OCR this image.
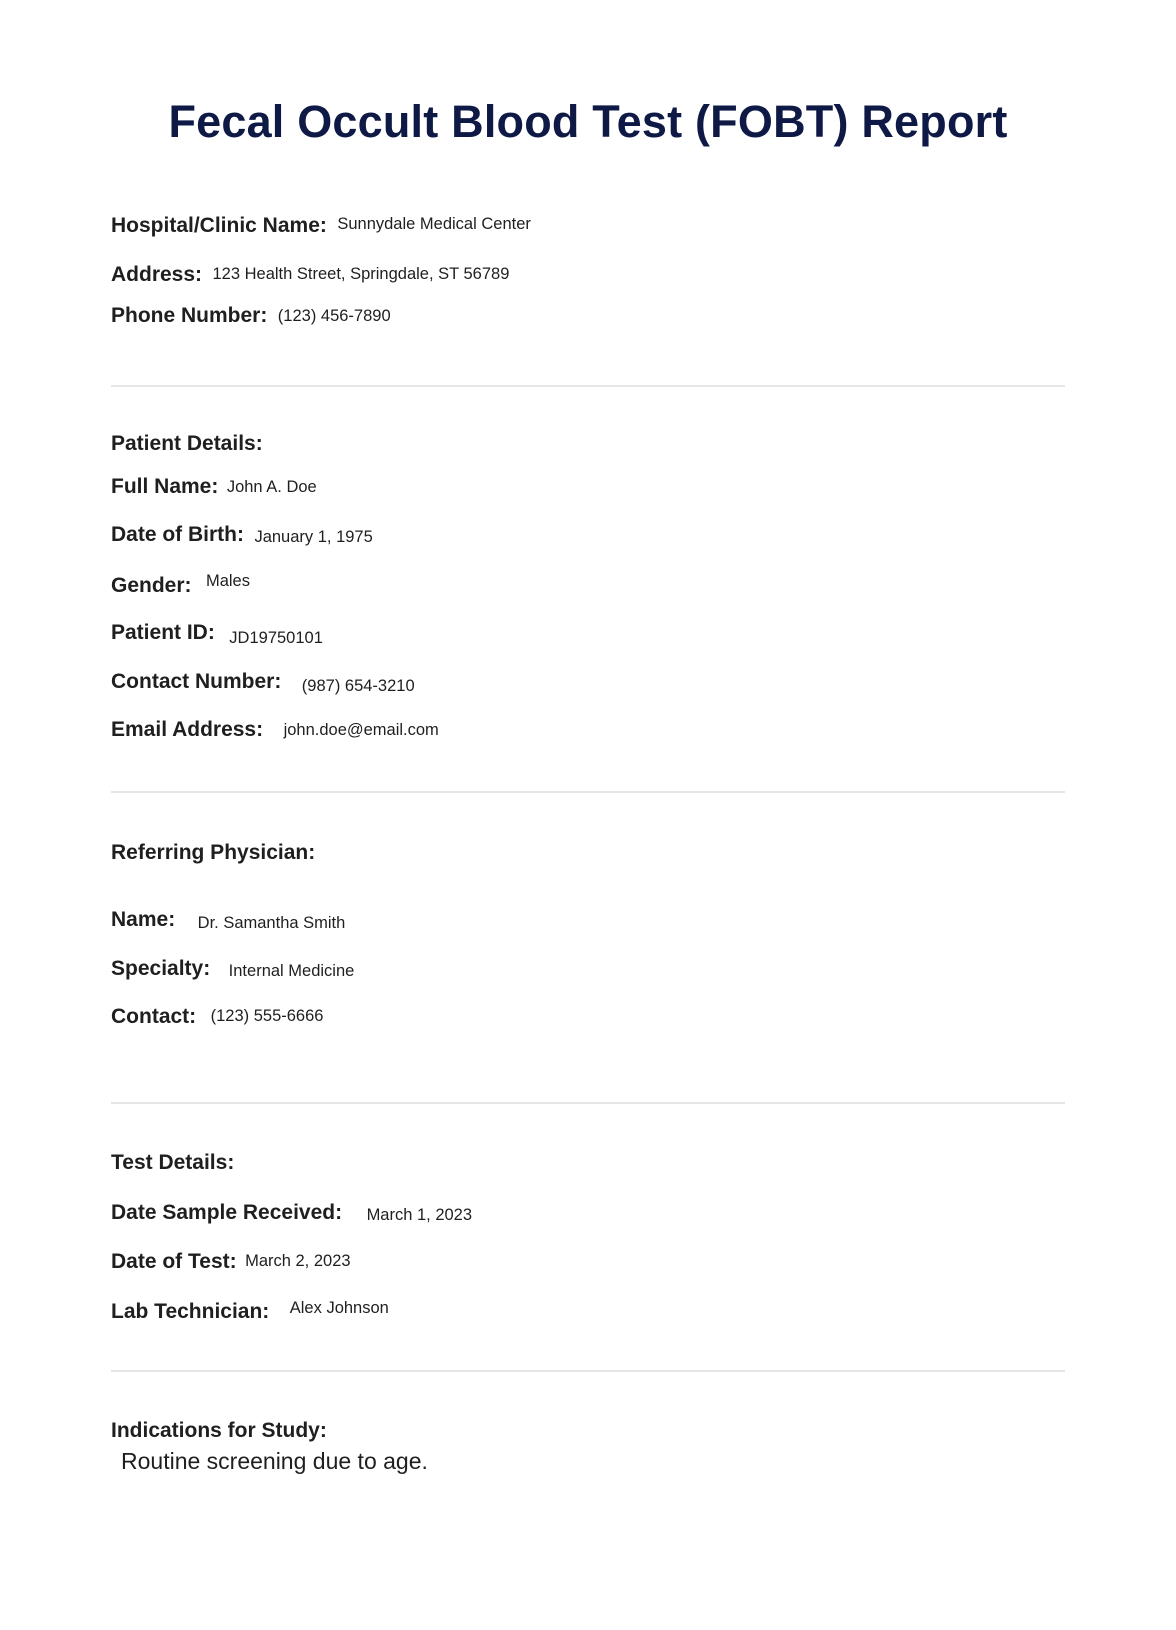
Fecal Occult Blood Test (FOBT) Report
Hospital/Clinic Name: Sunnydale Medical Center
Address: 123 Health Street, Springdale, ST 56789
Phone Number: (123) 456-7890
Patient Details:
Full Name: John A. Doe
Date of Birth: January 1, 1975
Gender: Males
Patient ID: JD19750101
Contact Number: (987) 654-3210
Email Address: john.doe@email.com
Referring Physician:
Name: Dr. Samantha Smith
Specialty: Internal Medicine
Contact: (123) 555-6666
Test Details:
Date Sample Received: March 1, 2023
Date of Test: March 2, 2023
Lab Technician: Alex Johnson
Indications for Study:
Routine screening due to age.
